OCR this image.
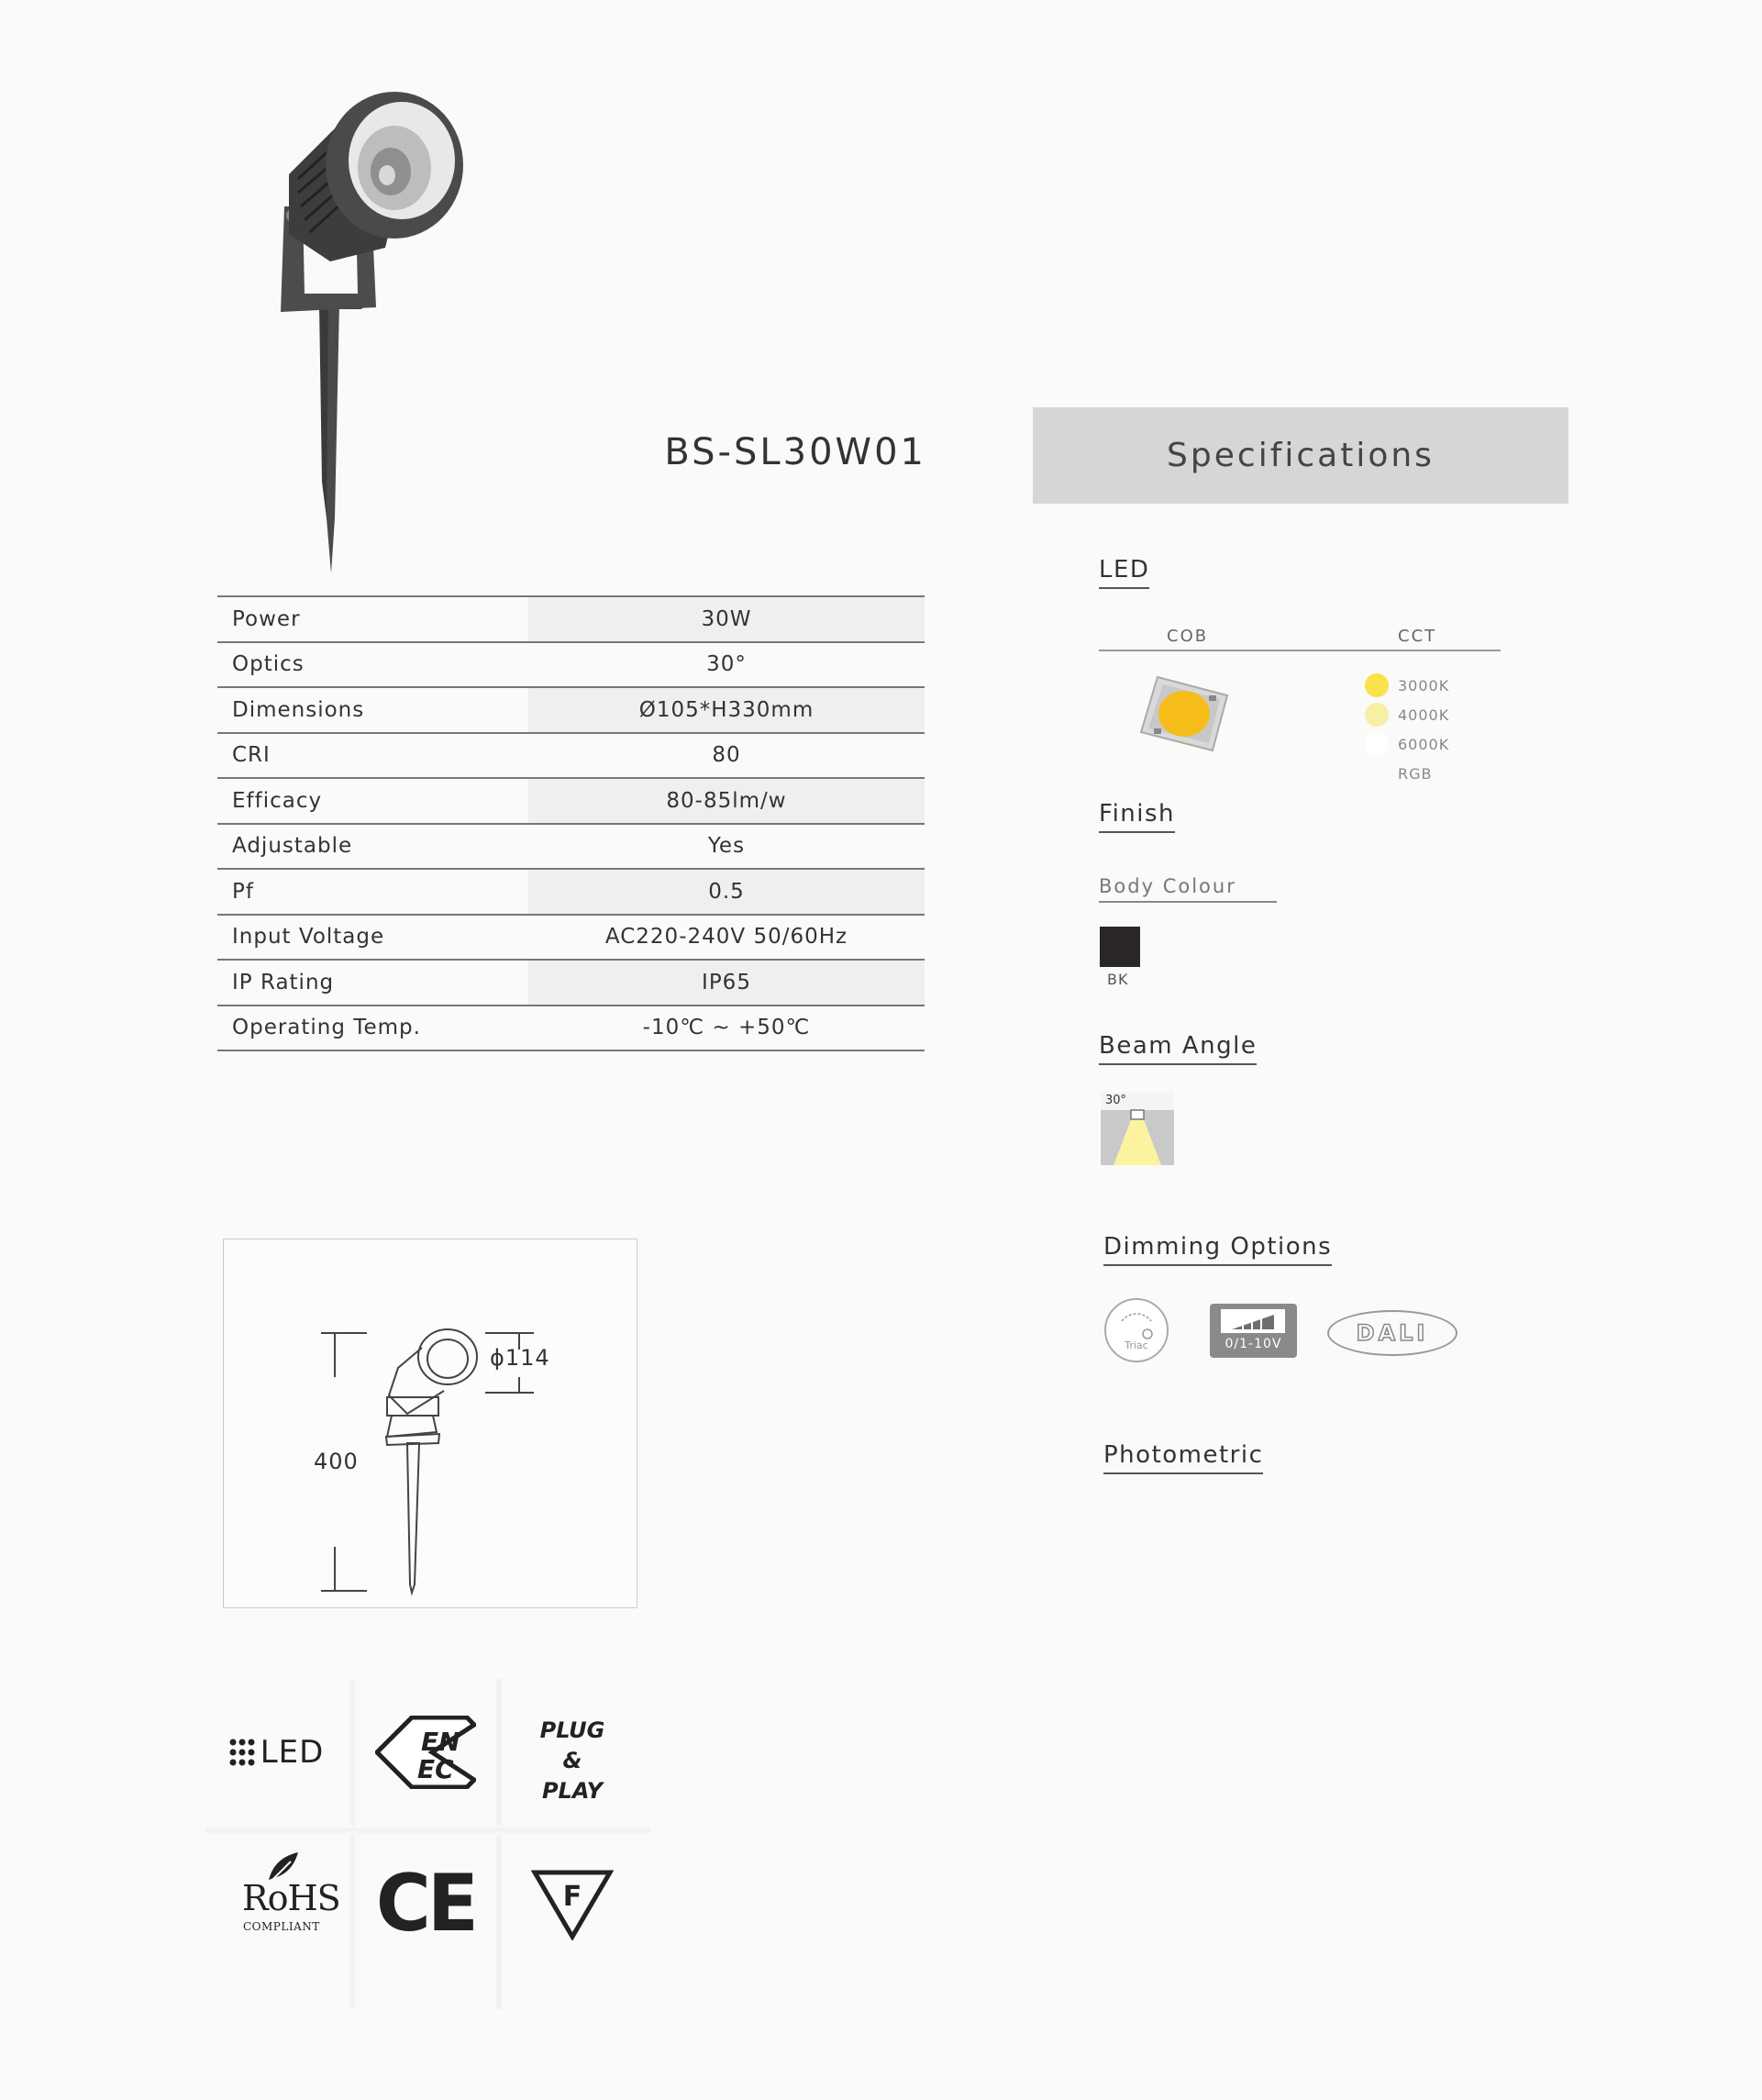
BS-SL30W01
Power	30W
Optics	30°
Dimensions	Ø105*H330mm
CRI	80
Efficacy	80-85lm/w
Adjustable	Yes
Pf	0.5
Input Voltage	AC220-240V 50/60Hz
IP Rating	IP65
Operating Temp.	-10℃ ~ +50℃
Specifications
LED
COB	CCT
3000K
4000K
6000K
RGB
Finish
Body Colour
BK
Beam Angle
30°
Dimming Options
Triac	0/1-10V	DALI
Photometric
ϕ114
400
LED	EN
EC
PLUG
&
PLAY
RoHS
COMPLIANT CE	F
